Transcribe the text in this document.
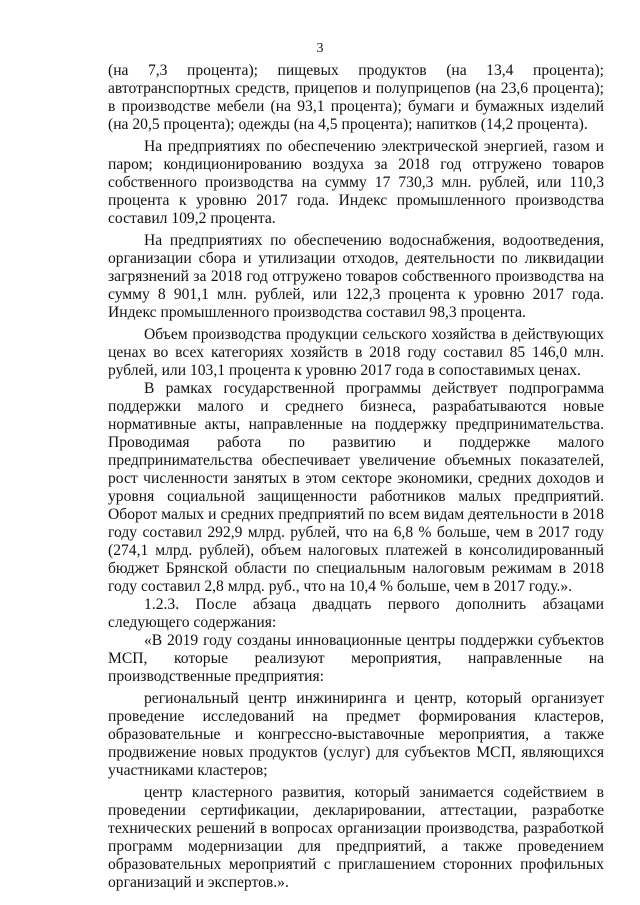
3

(на 7,3 процента); пищевых продуктов (на 13,4 процента); автотранспортных средств, прицепов и полуприцепов (на 23,6 процента); в производстве мебели (на 93,1 процента); бумаги и бумажных изделий (на 20,5 процента); одежды (на 4,5 процента); напитков (14,2 процента).

На предприятиях по обеспечению электрической энергией, газом и паром; кондиционированию воздуха за 2018 год отгружено товаров собственного производства на сумму 17 730,3 млн. рублей, или 110,3 процента к уровню 2017 года. Индекс промышленного производства составил 109,2 процента.

На предприятиях по обеспечению водоснабжения, водоотведения, организации сбора и утилизации отходов, деятельности по ликвидации загрязнений за 2018 год отгружено товаров собственного производства на сумму 8 901,1 млн. рублей, или 122,3 процента к уровню 2017 года. Индекс промышленного производства составил 98,3 процента.

Объем производства продукции сельского хозяйства в действующих ценах во всех категориях хозяйств в 2018 году составил 85 146,0 млн. рублей, или 103,1 процента к уровню 2017 года в сопоставимых ценах.

В рамках государственной программы действует подпрограмма поддержки малого и среднего бизнеса, разрабатываются новые нормативные акты, направленные на поддержку предпринимательства. Проводимая работа по развитию и поддержке малого предпринимательства обеспечивает увеличение объемных показателей, рост численности занятых в этом секторе экономики, средних доходов и уровня социальной защищенности работников малых предприятий. Оборот малых и средних предприятий по всем видам деятельности в 2018 году составил 292,9 млрд. рублей, что на 6,8 % больше, чем в 2017 году (274,1 млрд. рублей), объем налоговых платежей в консолидированный бюджет Брянской области по специальным налоговым режимам в 2018 году составил 2,8 млрд. руб., что на 10,4 % больше, чем в 2017 году.».

1.2.3. После абзаца двадцать первого дополнить абзацами следующего содержания:

«В 2019 году созданы инновационные центры поддержки субъектов МСП, которые реализуют мероприятия, направленные на производственные предприятия:

региональный центр инжиниринга и центр, который организует проведение исследований на предмет формирования кластеров, образовательные и конгрессно-выставочные мероприятия, а также продвижение новых продуктов (услуг) для субъектов МСП, являющихся участниками кластеров;

центр кластерного развития, который занимается содействием в проведении сертификации, декларировании, аттестации, разработке технических решений в вопросах организации производства, разработкой программ модернизации для предприятий, а также проведением образовательных мероприятий с приглашением сторонних профильных организаций и экспертов.».
